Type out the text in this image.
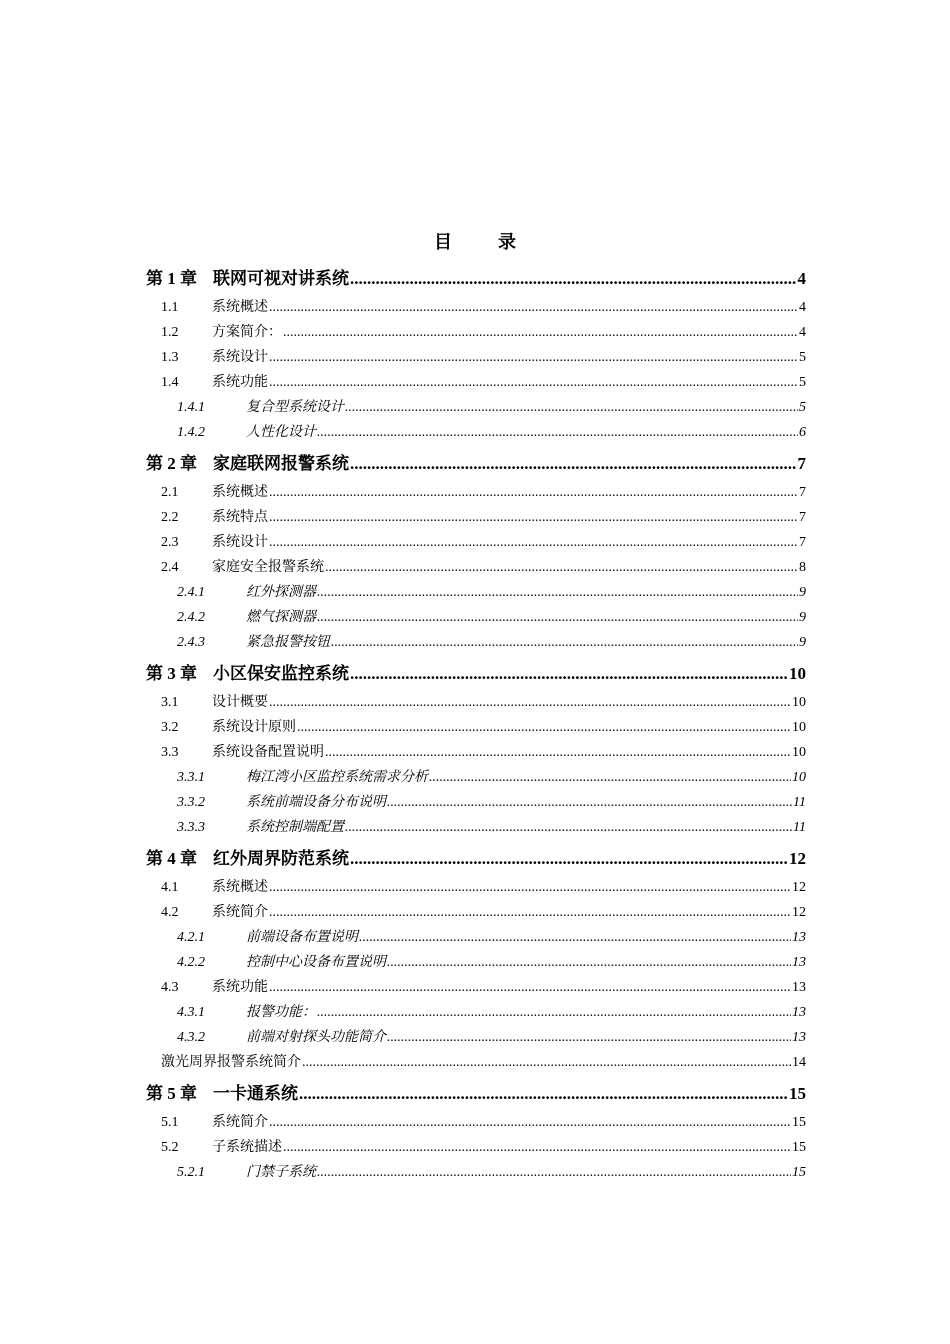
目　录
第 1 章 联网可视对讲系统 .....	4
1.1	系统概述 .....	4
1.2	方案简介： .....	4
1.3	系统设计 .....	5
1.4	系统功能 .....	5
1.4.1	复合型系统设计 .....	5
1.4.2	人性化设计 .....	6
第 2 章 家庭联网报警系统 .....	7
2.1	系统概述 .....	7
2.2	系统特点 .....	7
2.3	系统设计 .....	7
2.4	家庭安全报警系统 .....	8
2.4.1	红外探测器 .....	9
2.4.2	燃气探测器 .....	9
2.4.3	紧急报警按钮 .....	9
第 3 章 小区保安监控系统 .....	10
3.1	设计概要 .....	10
3.2	系统设计原则 .....	10
3.3	系统设备配置说明 .....	10
3.3.1	梅江湾小区监控系统需求分析 .....	10
3.3.2	系统前端设备分布说明 .....	11
3.3.3	系统控制端配置 .....	11
第 4 章 红外周界防范系统 .....	12
4.1	系统概述 .....	12
4.2	系统简介 .....	12
4.2.1	前端设备布置说明 .....	13
4.2.2	控制中心设备布置说明 .....	13
4.3	系统功能 .....	13
4.3.1	报警功能： .....	13
4.3.2	前端对射探头功能简介 .....	13
激光周界报警系统简介 .....	14
第 5 章 一卡通系统 .....	15
5.1	系统简介 .....	15
5.2	子系统描述 .....	15
5.2.1	门禁子系统 .....	15
